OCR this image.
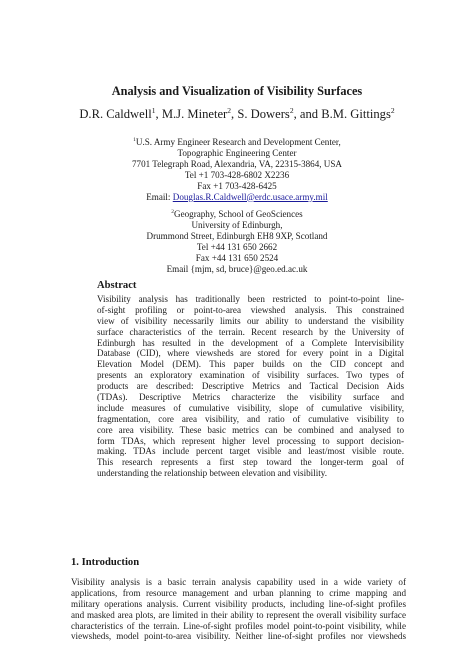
Analysis and Visualization of Visibility Surfaces
D.R. Caldwell$^1$, M.J. Mineter$^2$, S. Dowers$^2$, and B.M. Gittings$^2$
$^1$U.S. Army Engineer Research and Development Center,
Topographic Engineering Center
7701 Telegraph Road, Alexandria, VA, 22315-3864, USA
Tel +1 703-428-6802 X2236
Fax +1 703-428-6425
Email: Douglas.R.Caldwell@erdc.usace.army.mil
$^2$Geography, School of GeoSciences
University of Edinburgh,
Drummond Street, Edinburgh EH8 9XP, Scotland
Tel +44 131 650 2662
Fax +44 131 650 2524
Email {mjm, sd, bruce}@geo.ed.ac.uk
Abstract
Visibility analysis has traditionally been restricted to point-to-point line-
of-sight profiling or point-to-area viewshed analysis. This constrained
view of visibility necessarily limits our ability to understand the visibility
surface characteristics of the terrain. Recent research by the University of
Edinburgh has resulted in the development of a Complete Intervisibility
Database (CID), where viewsheds are stored for every point in a Digital
Elevation Model (DEM). This paper builds on the CID concept and
presents an exploratory examination of visibility surfaces. Two types of
products are described: Descriptive Metrics and Tactical Decision Aids
(TDAs). Descriptive Metrics characterize the visibility surface and
include measures of cumulative visibility, slope of cumulative visibility,
fragmentation, core area visibility, and ratio of cumulative visibility to
core area visibility. These basic metrics can be combined and analysed to
form TDAs, which represent higher level processing to support decision-
making. TDAs include percent target visible and least/most visible route.
This research represents a first step toward the longer-term goal of
understanding the relationship between elevation and visibility.
1. Introduction
Visibility analysis is a basic terrain analysis capability used in a wide variety of
applications, from resource management and urban planning to crime mapping and
military operations analysis. Current visibility products, including line-of-sight profiles
and masked area plots, are limited in their ability to represent the overall visibility surface
characteristics of the terrain. Line-of-sight profiles model point-to-point visibility, while
viewsheds, model point-to-area visibility. Neither line-of-sight profiles nor viewsheds
